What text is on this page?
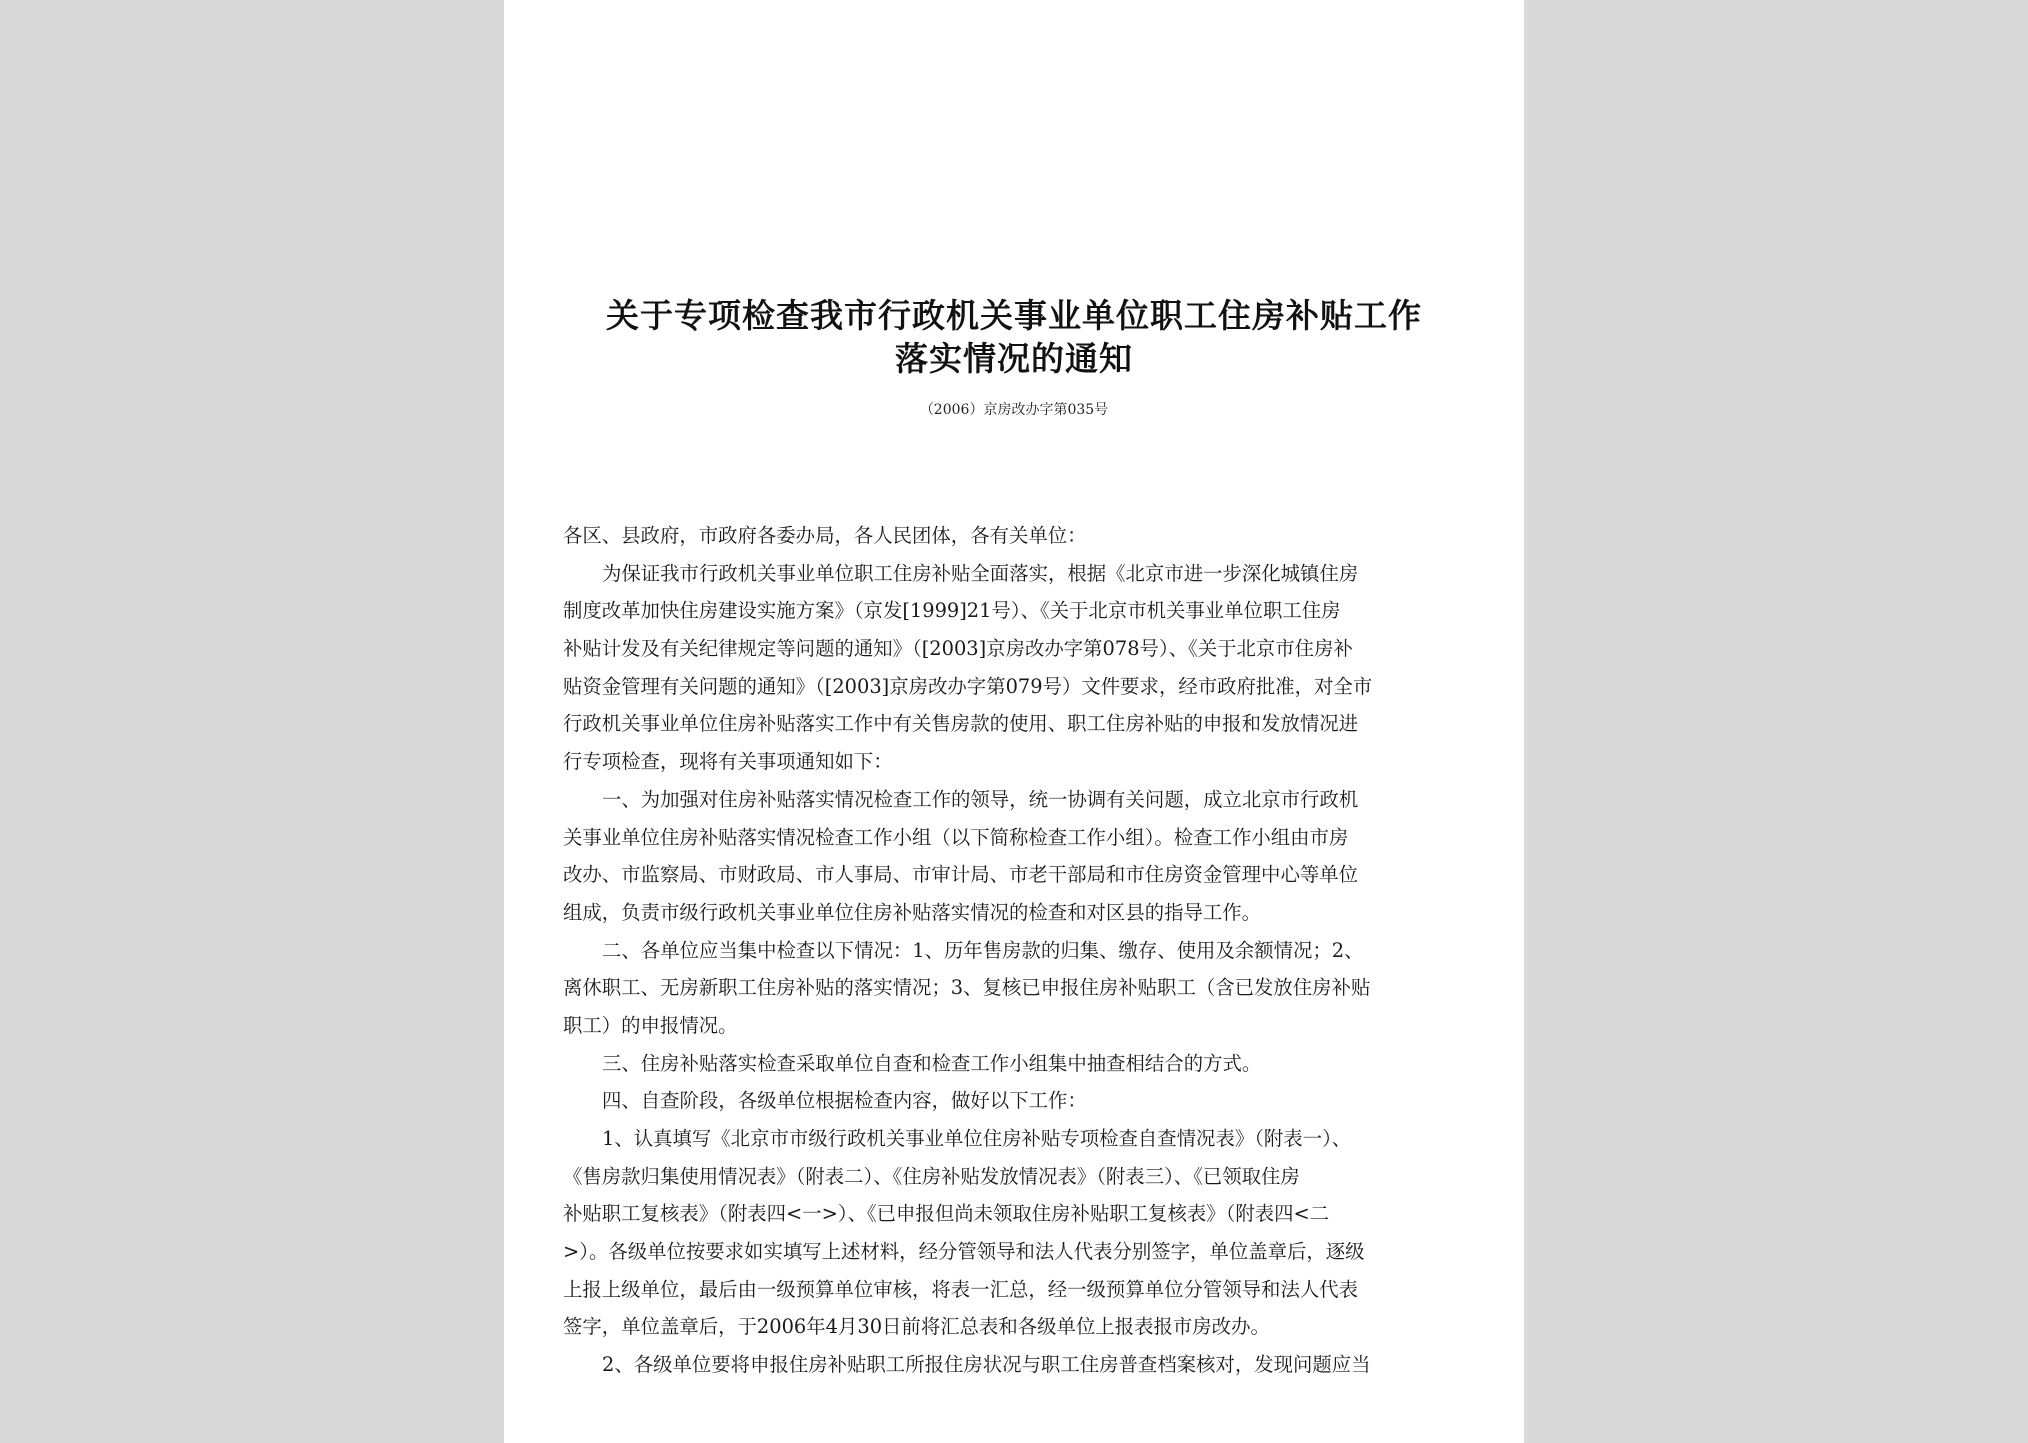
关于专项检查我市行政机关事业单位职工住房补贴工作
落实情况的通知
（2006）京房改办字第035号
各区、县政府，市政府各委办局，各人民团体，各有关单位：
为保证我市行政机关事业单位职工住房补贴全面落实，根据《北京市进一步深化城镇住房
制度改革加快住房建设实施方案》（京发[1999]21号）、《关于北京市机关事业单位职工住房
补贴计发及有关纪律规定等问题的通知》（[2003]京房改办字第078号）、《关于北京市住房补
贴资金管理有关问题的通知》（[2003]京房改办字第079号）文件要求，经市政府批准，对全市
行政机关事业单位住房补贴落实工作中有关售房款的使用、职工住房补贴的申报和发放情况进
行专项检查，现将有关事项通知如下：
一、为加强对住房补贴落实情况检查工作的领导，统一协调有关问题，成立北京市行政机
关事业单位住房补贴落实情况检查工作小组（以下简称检查工作小组）。检查工作小组由市房
改办、市监察局、市财政局、市人事局、市审计局、市老干部局和市住房资金管理中心等单位
组成，负责市级行政机关事业单位住房补贴落实情况的检查和对区县的指导工作。
二、各单位应当集中检查以下情况：1、历年售房款的归集、缴存、使用及余额情况；2、
离休职工、无房新职工住房补贴的落实情况；3、复核已申报住房补贴职工（含已发放住房补贴
职工）的申报情况。
三、住房补贴落实检查采取单位自查和检查工作小组集中抽查相结合的方式。
四、自查阶段，各级单位根据检查内容，做好以下工作：
1、认真填写《北京市市级行政机关事业单位住房补贴专项检查自查情况表》（附表一）、
《售房款归集使用情况表》（附表二）、《住房补贴发放情况表》（附表三）、《已领取住房
补贴职工复核表》（附表四<一>）、《已申报但尚未领取住房补贴职工复核表》（附表四<二
>）。各级单位按要求如实填写上述材料，经分管领导和法人代表分别签字，单位盖章后，逐级
上报上级单位，最后由一级预算单位审核，将表一汇总，经一级预算单位分管领导和法人代表
签字，单位盖章后，于2006年4月30日前将汇总表和各级单位上报表报市房改办。
2、各级单位要将申报住房补贴职工所报住房状况与职工住房普查档案核对，发现问题应当
